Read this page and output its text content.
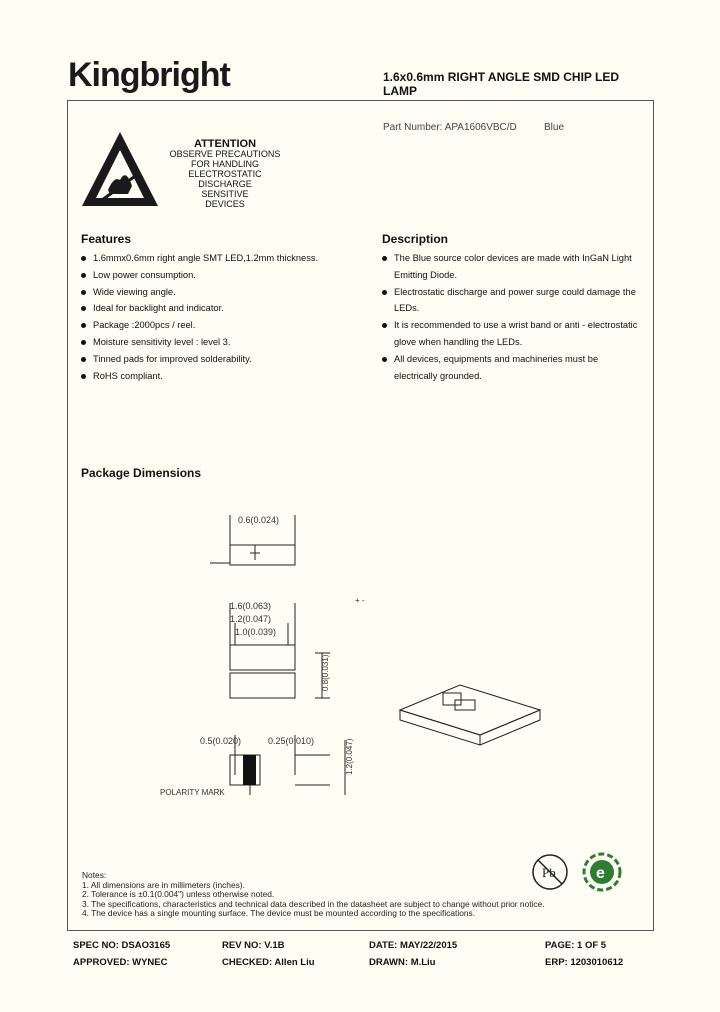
Kingbright	1.6x0.6mm RIGHT ANGLE SMD CHIP LED LAMP
Part Number: APA1606VBC/D	Blue
ATTENTION
OBSERVE PRECAUTIONS
FOR HANDLING
ELECTROSTATIC
DISCHARGE
SENSITIVE
DEVICES
Features
1.6mmx0.6mm right angle SMT LED,1.2mm thickness.
Low power consumption.
Wide viewing angle.
Ideal for backlight and indicator.
Package :2000pcs / reel.
Moisture sensitivity level : level 3.
Tinned pads for improved solderability.
RoHS compliant.
Description
The Blue source color devices are made with InGaN Light Emitting Diode.
Electrostatic discharge and power surge could damage the LEDs.
It is recommended to use a wrist band or anti - electrostatic glove when handling the LEDs.
All devices, equipments and machineries must be electrically grounded.
Package Dimensions
0.6(0.024)
1.6(0.063)
1.2(0.047)
1.0(0.039)
0.5(0.020)	0.25(0.010)
POLARITY MARK
1.2(0.047)
0.8(0.031)
+ -
Notes:
1. All dimensions are in millimeters (inches).
2. Tolerance is ±0.1(0.004") unless otherwise noted.
3. The specifications, characteristics and technical data described in the datasheet are subject to change without prior notice.
4. The device has a single mounting surface. The device must be mounted according to the specifications.
Pb	e
SPEC NO: DSAO3165	REV NO: V.1B	DATE: MAY/22/2015	PAGE: 1 OF 5
APPROVED: WYNEC	CHECKED: Allen Liu	DRAWN: M.Liu	ERP: 1203010612
